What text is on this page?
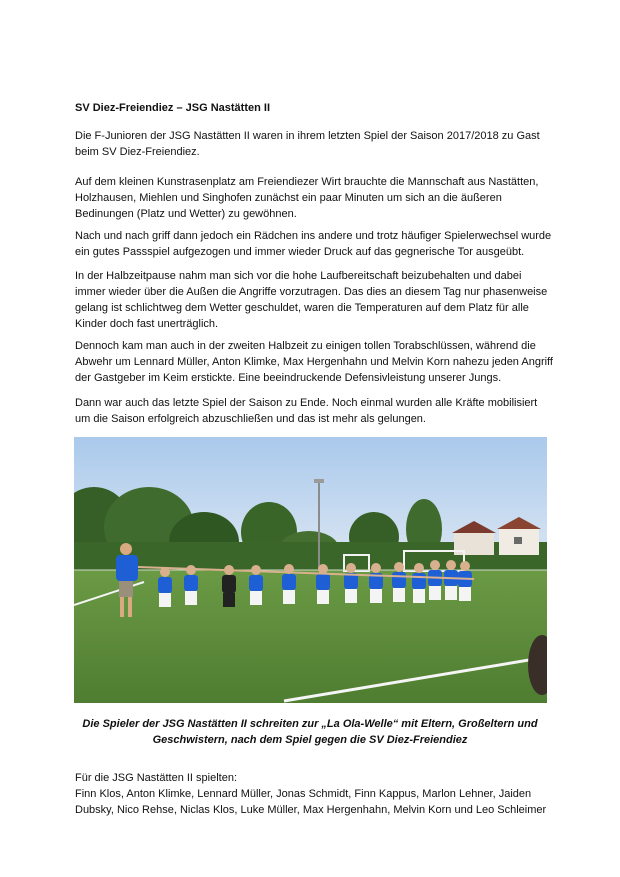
SV Diez-Freiendiez – JSG Nastätten II
Die F-Junioren der JSG Nastätten II waren in ihrem letzten Spiel der Saison 2017/2018 zu Gast beim SV Diez-Freiendiez.
Auf dem kleinen Kunstrasenplatz am Freiendiezer Wirt brauchte die Mannschaft aus Nastätten, Holzhausen, Miehlen und Singhofen zunächst ein paar Minuten um sich an die äußeren Bedinungen (Platz und Wetter) zu gewöhnen.
Nach und nach griff dann jedoch ein Rädchen ins andere und trotz häufiger Spielerwechsel wurde ein gutes Passspiel aufgezogen und immer wieder Druck auf das gegnerische Tor ausgeübt.
In der Halbzeitpause nahm man sich vor die hohe Laufbereitschaft beizubehalten und dabei immer wieder über die Außen die Angriffe vorzutragen. Das dies an diesem Tag nur phasenweise gelang ist schlichtweg dem Wetter geschuldet, waren die Temperaturen auf dem Platz für alle Kinder doch fast unerträglich.
Dennoch kam man auch in der zweiten Halbzeit zu einigen tollen Torabschlüssen, während die Abwehr um Lennard Müller, Anton Klimke, Max Hergenhahn und Melvin Korn nahezu jeden Angriff der Gastgeber im Keim erstickte. Eine beeindruckende Defensivleistung unserer Jungs.
Dann war auch das letzte Spiel der Saison zu Ende. Noch einmal wurden alle Kräfte mobilisiert um die Saison erfolgreich abzuschließen und das ist mehr als gelungen.
Die Spieler der JSG Nastätten II schreiten zur „La Ola-Welle“ mit Eltern, Großeltern und Geschwistern, nach dem Spiel gegen die SV Diez-Freiendiez
Für die JSG Nastätten II spielten:
Finn Klos, Anton Klimke, Lennard Müller, Jonas Schmidt, Finn Kappus, Marlon Lehner, Jaiden Dubsky, Nico Rehse, Niclas Klos, Luke Müller, Max Hergenhahn, Melvin Korn und Leo Schleimer
